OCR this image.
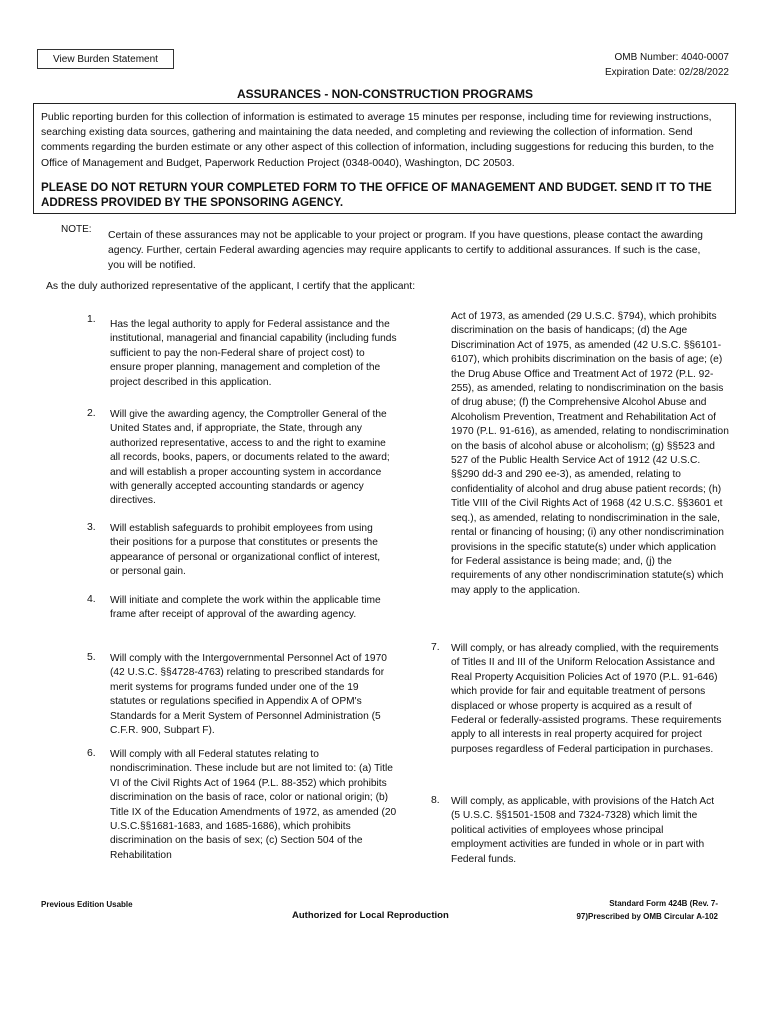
View Burden Statement	OMB Number: 4040-0007
Expiration Date: 02/28/2022
ASSURANCES - NON-CONSTRUCTION PROGRAMS
Public reporting burden for this collection of information is estimated to average 15 minutes per response, including time for reviewing instructions, searching existing data sources, gathering and maintaining the data needed, and completing and reviewing the collection of information. Send comments regarding the burden estimate or any other aspect of this collection of information, including suggestions for reducing this burden, to the Office of Management and Budget, Paperwork Reduction Project (0348-0040), Washington, DC 20503.
PLEASE DO NOT RETURN YOUR COMPLETED FORM TO THE OFFICE OF MANAGEMENT AND BUDGET. SEND IT TO THE ADDRESS PROVIDED BY THE SPONSORING AGENCY.
NOTE:
Certain of these assurances may not be applicable to your project or program. If you have questions, please contact the awarding agency. Further, certain Federal awarding agencies may require applicants to certify to additional assurances. If such is the case, you will be notified.
As the duly authorized representative of the applicant, I certify that the applicant:
1. Has the legal authority to apply for Federal assistance and the institutional, managerial and financial capability (including funds sufficient to pay the non-Federal share of project cost) to ensure proper planning, management and completion of the project described in this application.
2. Will give the awarding agency, the Comptroller General of the United States and, if appropriate, the State, through any authorized representative, access to and the right to examine all records, books, papers, or documents related to the award; and will establish a proper accounting system in accordance with generally accepted accounting standards or agency directives.
3. Will establish safeguards to prohibit employees from using their positions for a purpose that constitutes or presents the appearance of personal or organizational conflict of interest, or personal gain.
4. Will initiate and complete the work within the applicable time frame after receipt of approval of the awarding agency.
5. Will comply with the Intergovernmental Personnel Act of 1970 (42 U.S.C. §§4728-4763) relating to prescribed standards for merit systems for programs funded under one of the 19 statutes or regulations specified in Appendix A of OPM's Standards for a Merit System of Personnel Administration (5 C.F.R. 900, Subpart F).
6. Will comply with all Federal statutes relating to nondiscrimination. These include but are not limited to: (a) Title VI of the Civil Rights Act of 1964 (P.L. 88-352) which prohibits discrimination on the basis of race, color or national origin; (b) Title IX of the Education Amendments of 1972, as amended (20 U.S.C.§§1681-1683, and 1685-1686), which prohibits discrimination on the basis of sex; (c) Section 504 of the Rehabilitation
Act of 1973, as amended (29 U.S.C. §794), which prohibits discrimination on the basis of handicaps; (d) the Age Discrimination Act of 1975, as amended (42 U.S.C. §§6101-6107), which prohibits discrimination on the basis of age; (e) the Drug Abuse Office and Treatment Act of 1972 (P.L. 92-255), as amended, relating to nondiscrimination on the basis of drug abuse; (f) the Comprehensive Alcohol Abuse and Alcoholism Prevention, Treatment and Rehabilitation Act of 1970 (P.L. 91-616), as amended, relating to nondiscrimination on the basis of alcohol abuse or alcoholism; (g) §§523 and 527 of the Public Health Service Act of 1912 (42 U.S.C. §§290 dd-3 and 290 ee-3), as amended, relating to confidentiality of alcohol and drug abuse patient records; (h) Title VIII of the Civil Rights Act of 1968 (42 U.S.C. §§3601 et seq.), as amended, relating to nondiscrimination in the sale, rental or financing of housing; (i) any other nondiscrimination provisions in the specific statute(s) under which application for Federal assistance is being made; and, (j) the requirements of any other nondiscrimination statute(s) which may apply to the application.
7. Will comply, or has already complied, with the requirements of Titles II and III of the Uniform Relocation Assistance and Real Property Acquisition Policies Act of 1970 (P.L. 91-646) which provide for fair and equitable treatment of persons displaced or whose property is acquired as a result of Federal or federally-assisted programs. These requirements apply to all interests in real property acquired for project purposes regardless of Federal participation in purchases.
8. Will comply, as applicable, with provisions of the Hatch Act (5 U.S.C. §§1501-1508 and 7324-7328) which limit the political activities of employees whose principal employment activities are funded in whole or in part with Federal funds.
Previous Edition Usable
Authorized for Local Reproduction
Standard Form 424B (Rev. 7-97)Prescribed by OMB Circular A-102
